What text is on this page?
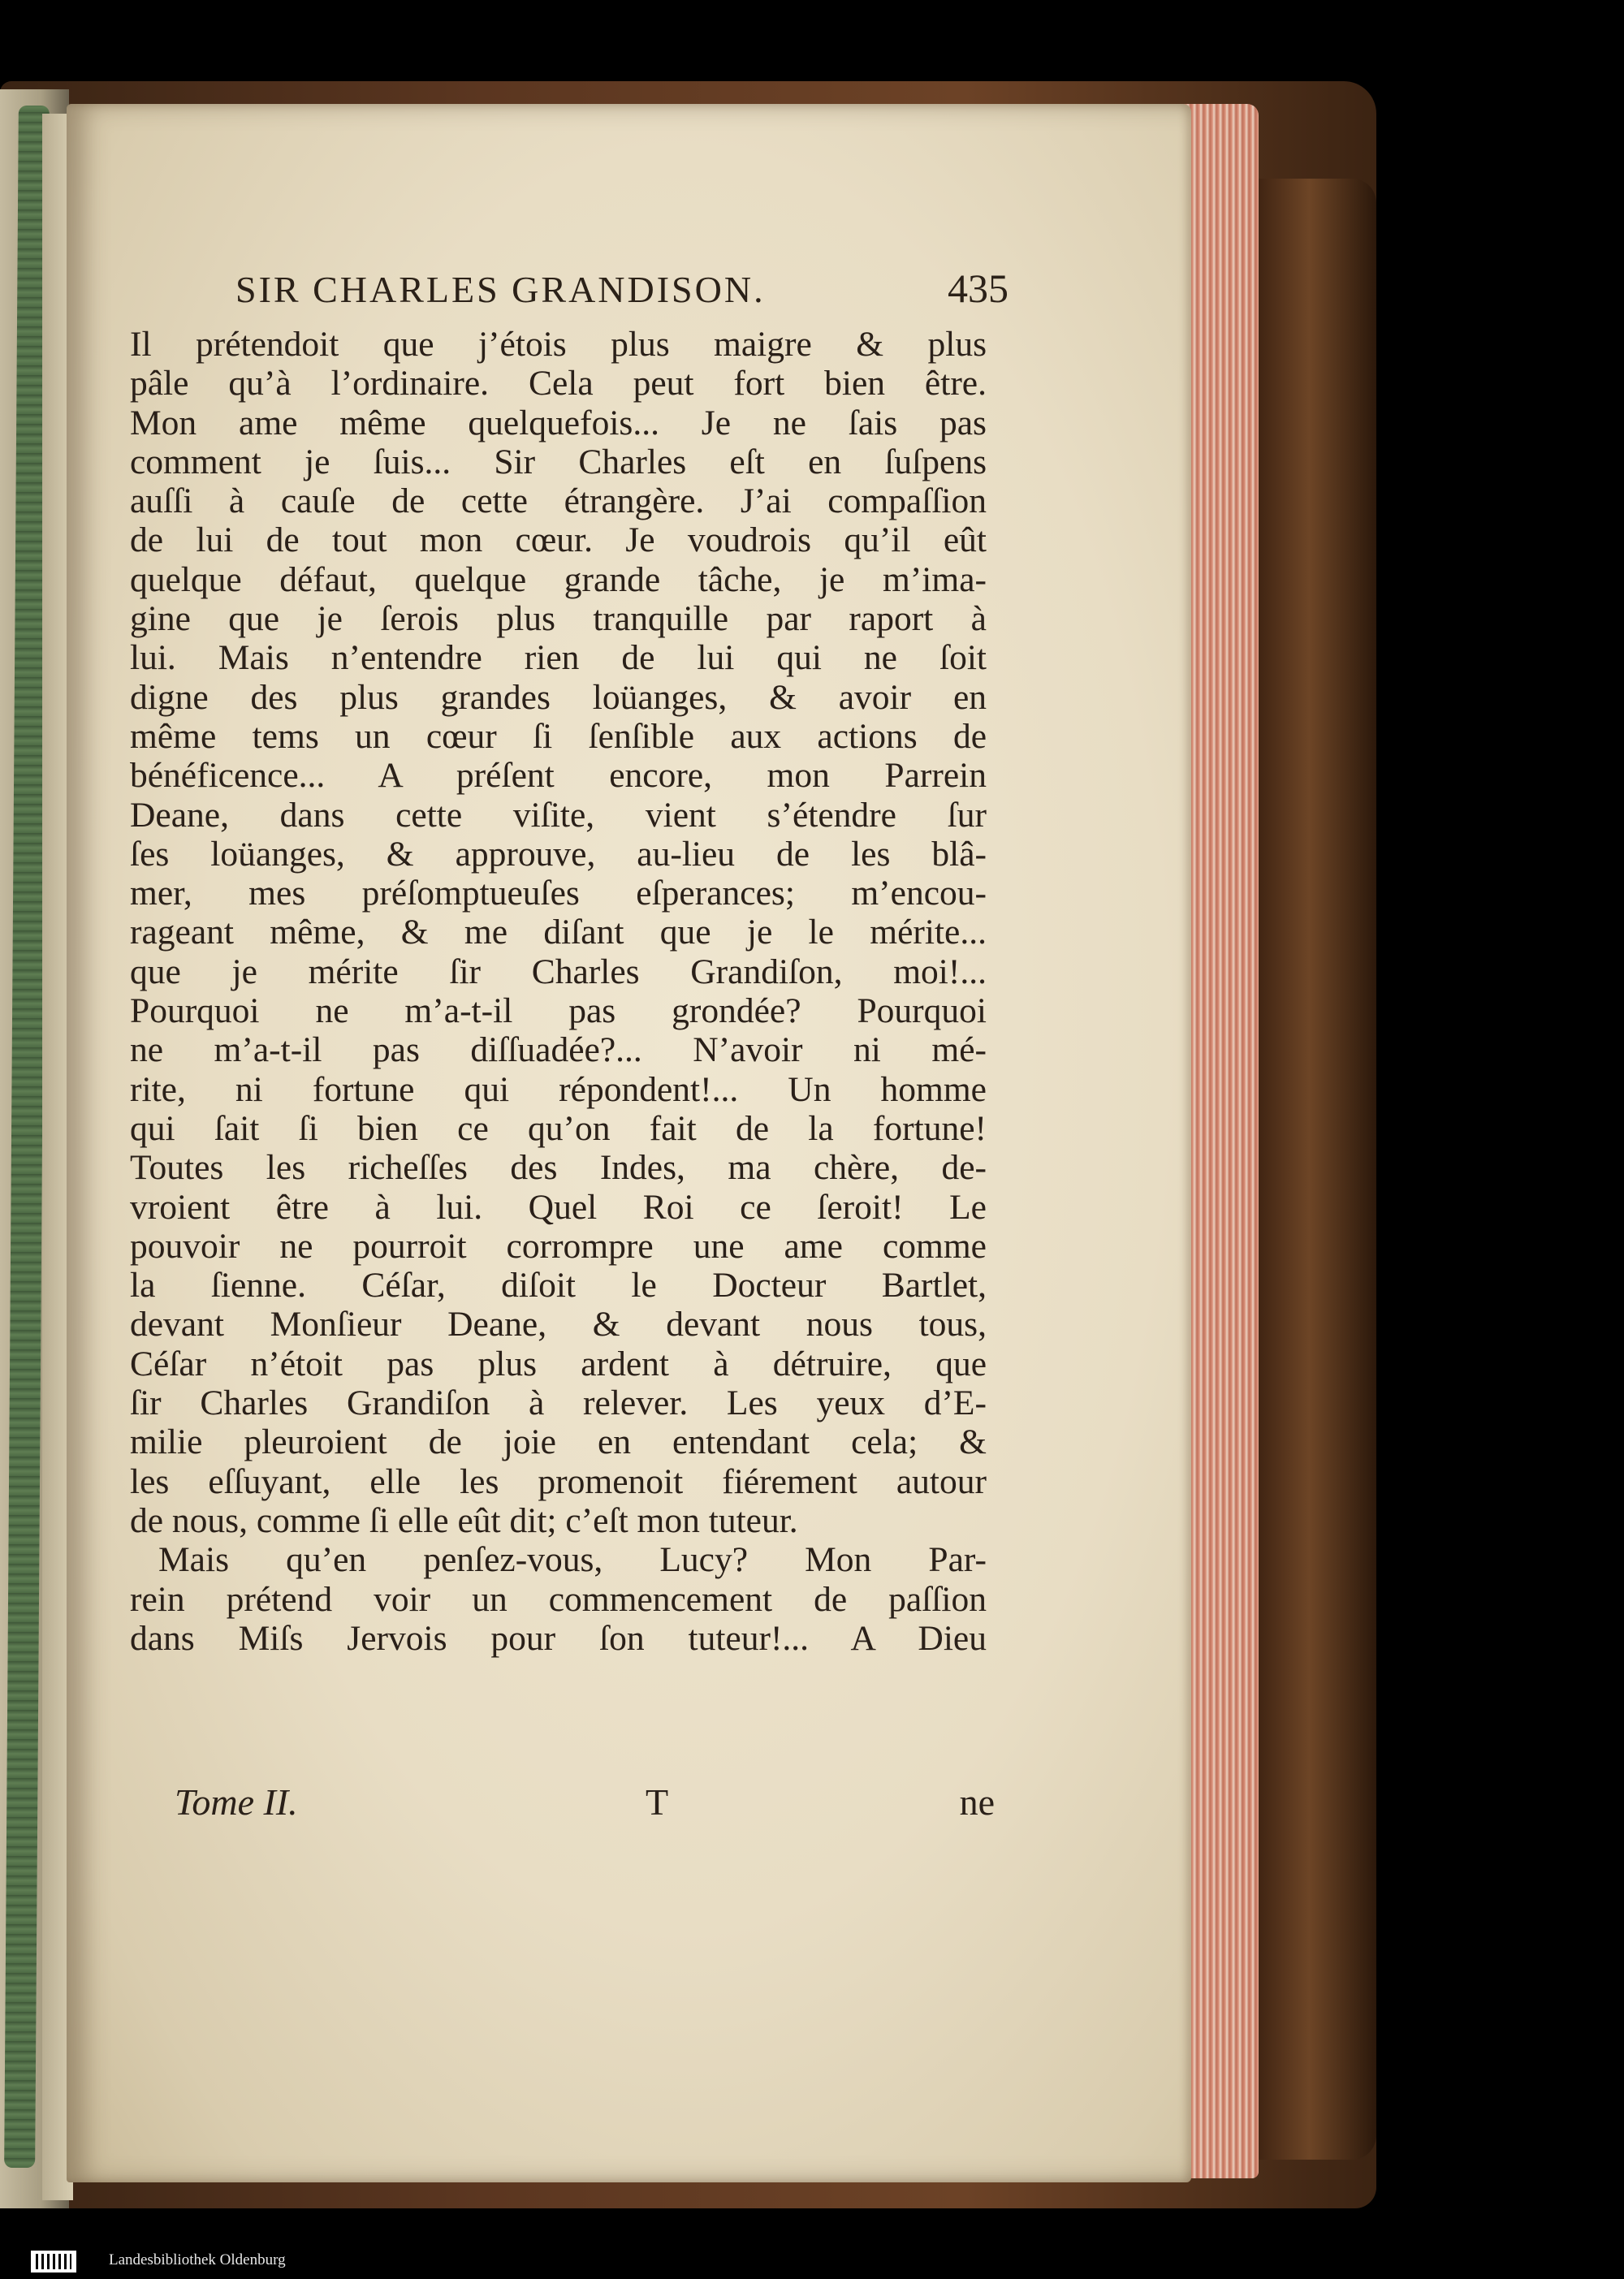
SIR CHARLES GRANDISON.	435
Il prétendoit que j’étois plus maigre & plus
pâle qu’à l’ordinaire. Cela peut fort bien être.
Mon ame même quelquefois... Je ne ſais pas
comment je ſuis... Sir Charles eſt en ſuſpens
auſſi à cauſe de cette étrangère. J’ai compaſſion
de lui de tout mon cœur. Je voudrois qu’il eût
quelque défaut, quelque grande tâche, je m’ima-
gine que je ſerois plus tranquille par raport à
lui. Mais n’entendre rien de lui qui ne ſoit
digne des plus grandes loüanges, & avoir en
même tems un cœur ſi ſenſible aux actions de
bénéficence... A préſent encore, mon Parrein
Deane, dans cette viſite, vient s’étendre ſur
ſes loüanges, & approuve, au-lieu de les blâ-
mer, mes préſomptueuſes eſperances; m’encou-
rageant même, & me diſant que je le mérite...
que je mérite ſir Charles Grandiſon, moi!...
Pourquoi ne m’a-t-il pas grondée? Pourquoi
ne m’a-t-il pas diſſuadée?... N’avoir ni mé-
rite, ni fortune qui répondent!... Un homme
qui ſait ſi bien ce qu’on fait de la fortune!
Toutes les richeſſes des Indes, ma chère, de-
vroient être à lui. Quel Roi ce ſeroit! Le
pouvoir ne pourroit corrompre une ame comme
la ſienne. Céſar, diſoit le Docteur Bartlet,
devant Monſieur Deane, & devant nous tous,
Céſar n’étoit pas plus ardent à détruire, que
ſir Charles Grandiſon à relever. Les yeux d’E-
milie pleuroient de joie en entendant cela; &
les eſſuyant, elle les promenoit fiérement autour
de nous, comme ſi elle eût dit; c’eſt mon tuteur.
Mais qu’en penſez-vous, Lucy? Mon Par-
rein prétend voir un commencement de paſſion
dans Miſs Jervois pour ſon tuteur!... A Dieu
Tome II.	T	ne
Landesbibliothek Oldenburg
